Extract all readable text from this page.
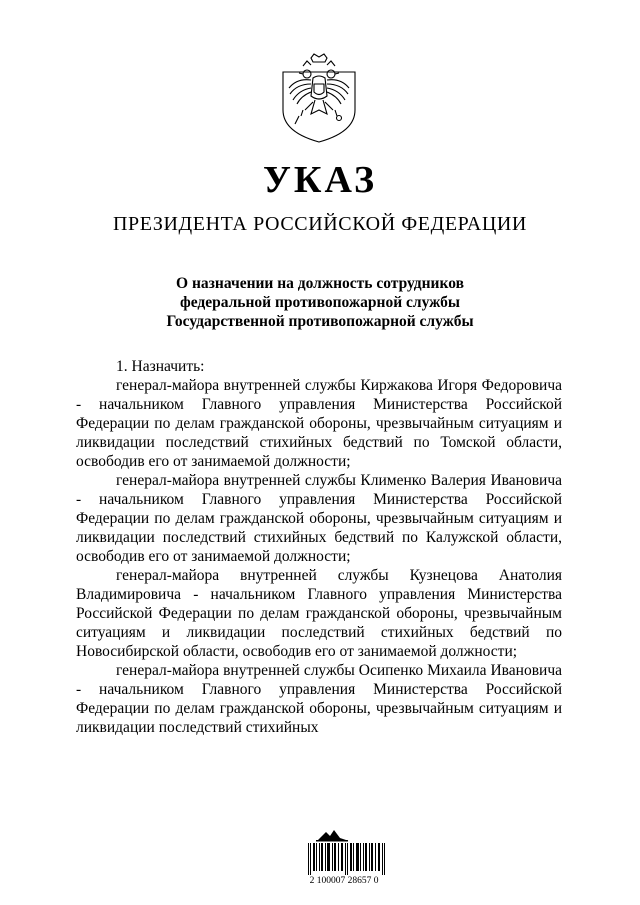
УКАЗ
ПРЕЗИДЕНТА РОССИЙСКОЙ ФЕДЕРАЦИИ
О назначении на должность сотрудников
федеральной противопожарной службы
Государственной противопожарной службы
1. Назначить:
генерал-майора внутренней службы Киржакова Игоря Федоровича - начальником Главного управления Министерства Российской Федерации по делам гражданской обороны, чрезвычайным ситуациям и ликвидации последствий стихийных бедствий по Томской области, освободив его от занимаемой должности;
генерал-майора внутренней службы Клименко Валерия Ивановича - начальником Главного управления Министерства Российской Федерации по делам гражданской обороны, чрезвычайным ситуациям и ликвидации последствий стихийных бедствий по Калужской области, освободив его от занимаемой должности;
генерал-майора внутренней службы Кузнецова Анатолия Владимировича - начальником Главного управления Министерства Российской Федерации по делам гражданской обороны, чрезвычайным ситуациям и ликвидации последствий стихийных бедствий по Новосибирской области, освободив его от занимаемой должности;
генерал-майора внутренней службы Осипенко Михаила Ивановича - начальником Главного управления Министерства Российской Федерации по делам гражданской обороны, чрезвычайным ситуациям и ликвидации последствий стихийных
2 100007 28657 0
